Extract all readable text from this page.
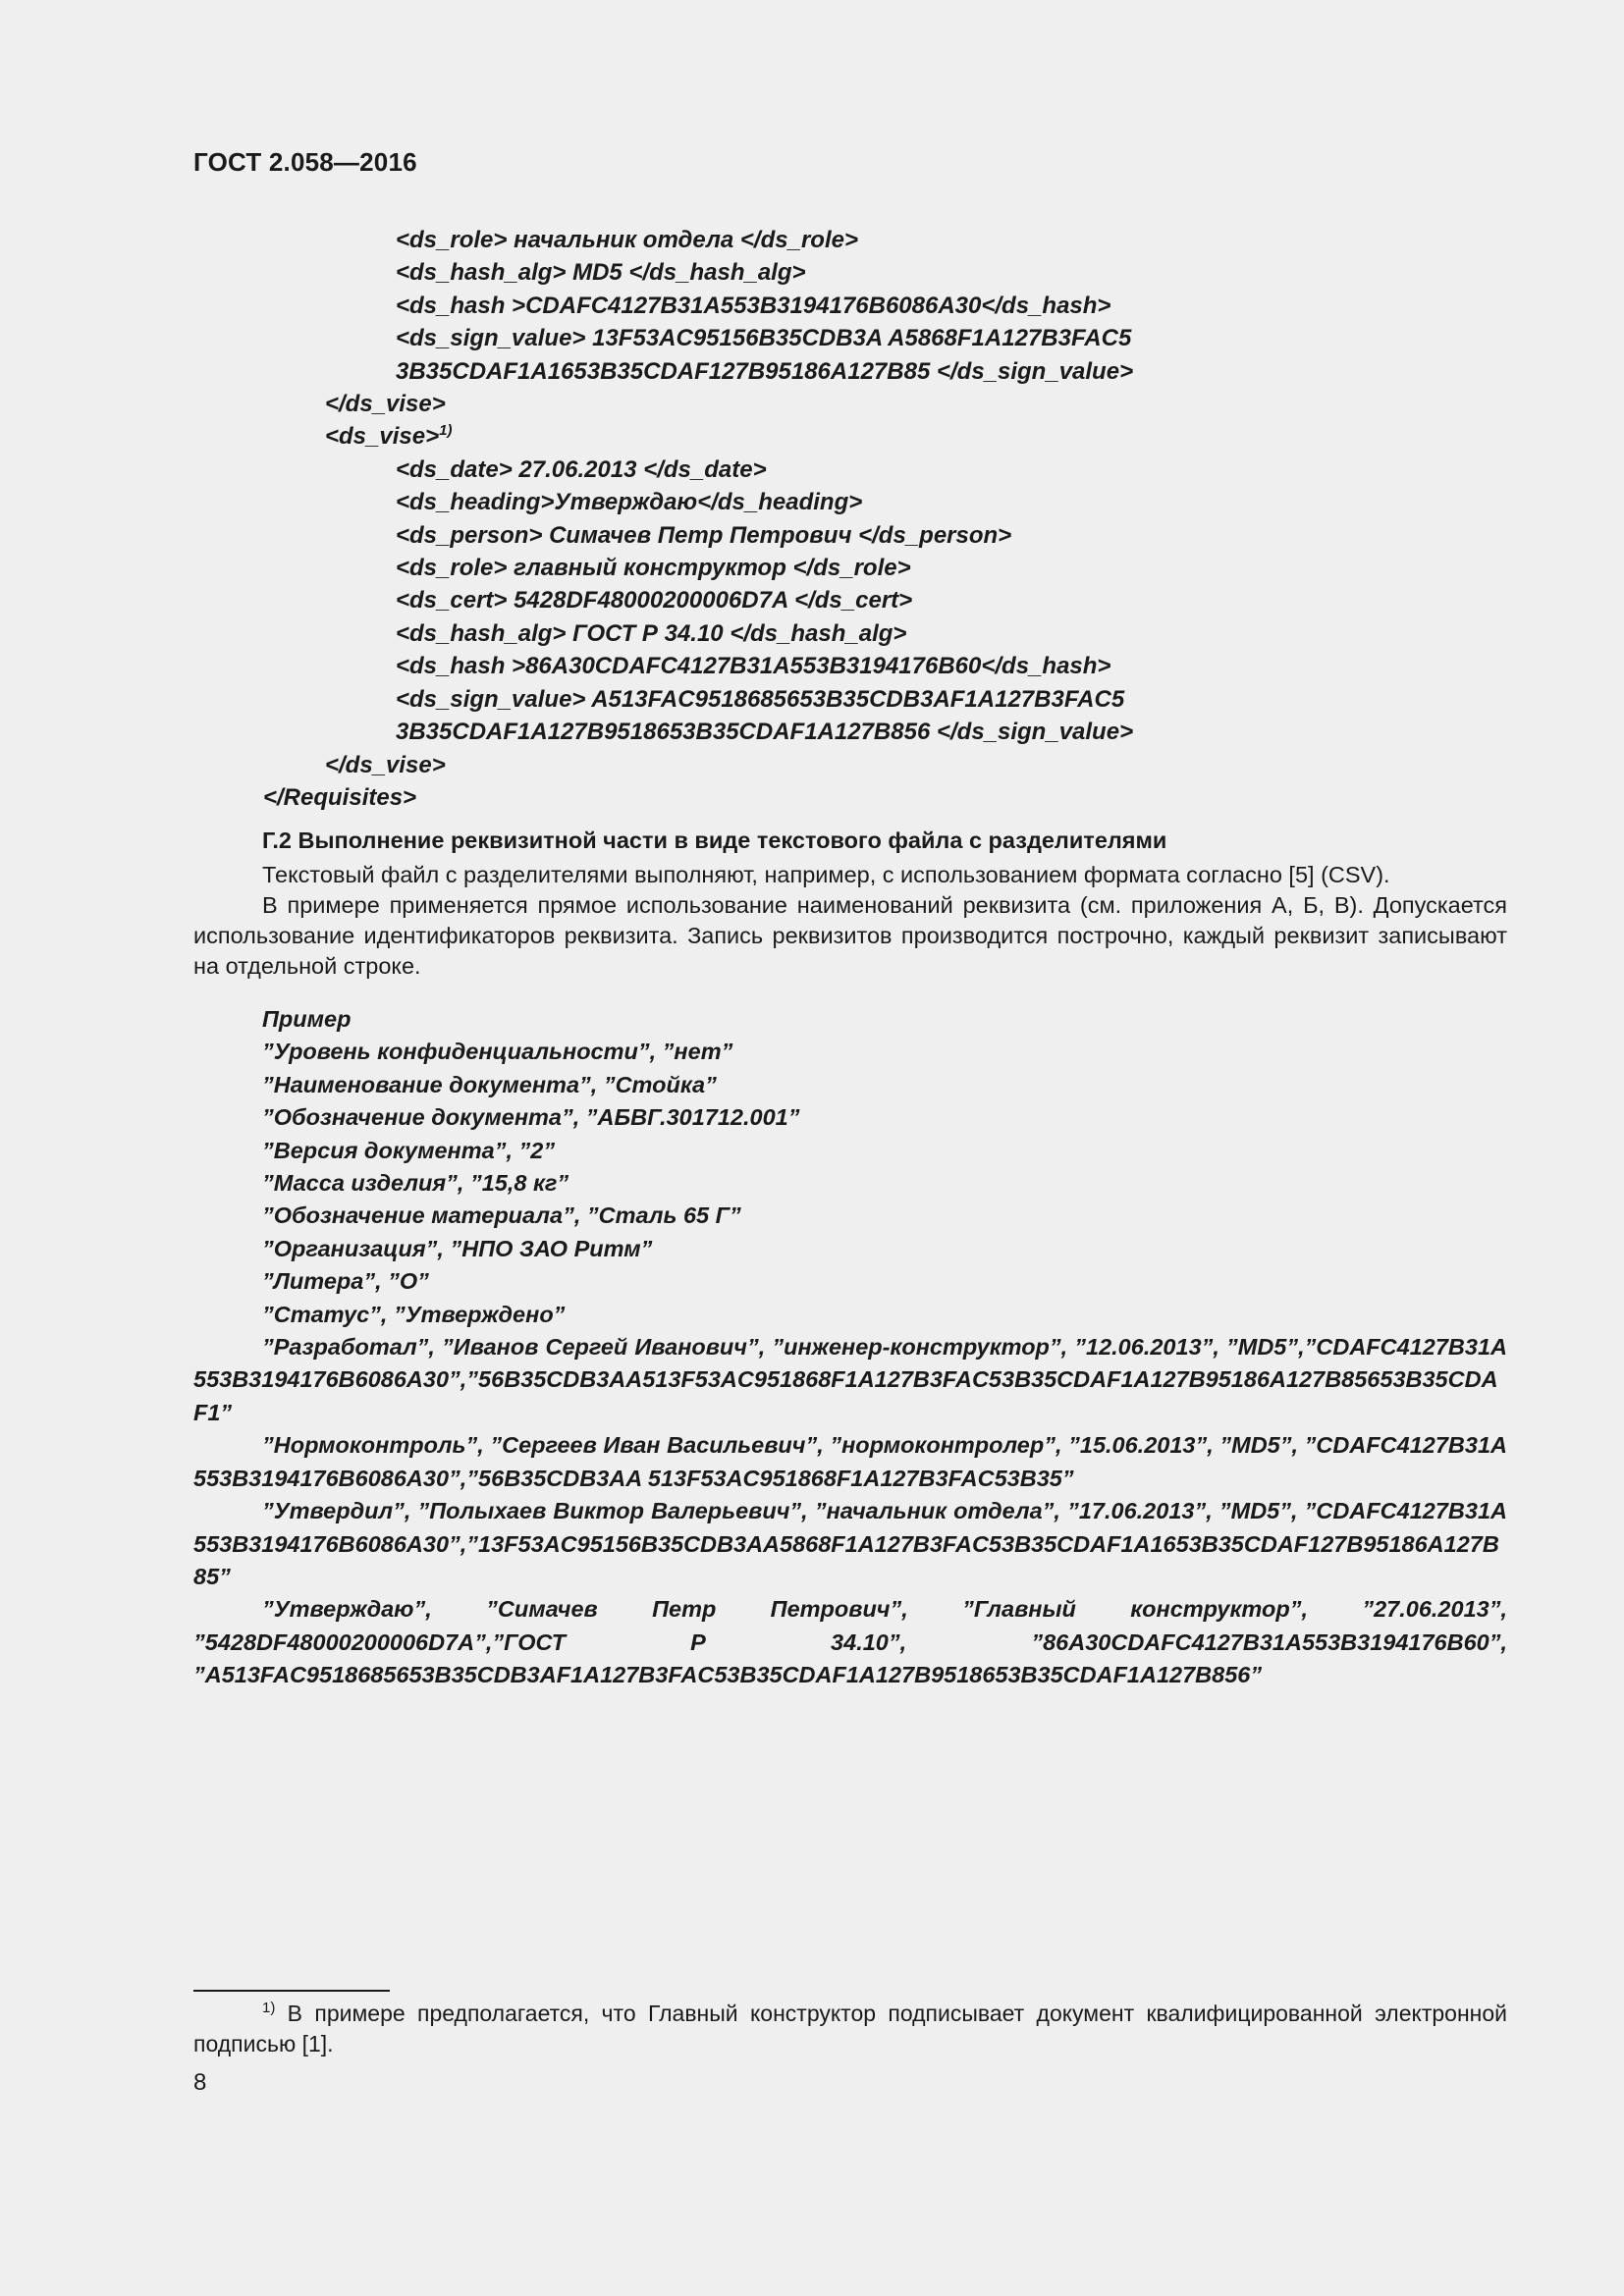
ГОСТ 2.058—2016
<ds_role> начальник отдела </ds_role>
<ds_hash_alg> MD5 </ds_hash_alg>
<ds_hash >CDAFC4127B31A553B3194176B6086A30</ds_hash>
<ds_sign_value> 13F53AC95156B35CDB3A A5868F1A127B3FAC5
3B35CDAF1A1653B35CDAF127B95186A127B85 </ds_sign_value>
</ds_vise>
<ds_vise>$^{1)}$
<ds_date> 27.06.2013 </ds_date>
<ds_heading>Утверждаю</ds_heading>
<ds_person> Симачев Петр Петрович </ds_person>
<ds_role> главный конструктор </ds_role>
<ds_cert> 5428DF48000200006D7A </ds_cert>
<ds_hash_alg> ГОСТ Р 34.10 </ds_hash_alg>
<ds_hash >86A30CDAFC4127B31A553B3194176B60</ds_hash>
<ds_sign_value> A513FAC9518685653B35CDB3AF1A127B3FAC5
3B35CDAF1A127B9518653B35CDAF1A127B856 </ds_sign_value>
</ds_vise>
</Requisites>
Г.2 Выполнение реквизитной части в виде текстового файла с разделителями
Текстовый файл с разделителями выполняют, например, с использованием формата согласно [5] (CSV).
В примере применяется прямое использование наименований реквизита (см. приложения А, Б, В). Допускается использование идентификаторов реквизита. Запись реквизитов производится построчно, каждый реквизит записывают на отдельной строке.
Пример
”Уровень конфиденциальности”, ”нет”
”Наименование документа”, ”Стойка”
”Обозначение документа”, ”АБВГ.301712.001”
”Версия документа”, ”2”
”Масса изделия”, ”15,8 кг”
”Обозначение материала”, ”Сталь 65 Г”
”Организация”, ”НПО ЗАО Ритм”
”Литера”, ”О”
”Статус”, ”Утверждено”
”Разработал”, ”Иванов Сергей Иванович”, ”инженер-конструктор”, ”12.06.2013”, ”MD5”,”CDAFC4127B31A553B3194176B6086A30”,”56B35CDB3AA513F53AC951868F1A127B3FAC53B35CDAF1A127B95186A127B85653B35CDAF1”
”Нормоконтроль”, ”Сергеев Иван Васильевич”, ”нормоконтролер”, ”15.06.2013”, ”MD5”, ”CDAFC4127B31A553B3194176B6086A30”,”56B35CDB3AA 513F53AC951868F1A127B3FAC53B35”
”Утвердил”, ”Полыхаев Виктор Валерьевич”, ”начальник отдела”, ”17.06.2013”, ”MD5”, ”CDAFC4127B31A553B3194176B6086A30”,”13F53AC95156B35CDB3AA5868F1A127B3FAC53B35CDAF1A1653B35CDAF127B95186A127B85”
”Утверждаю”, ”Симачев Петр Петрович”, ”Главный конструктор”, ”27.06.2013”, ”5428DF48000200006D7A”,”ГОСТ Р 34.10”, ”86A30CDAFC4127B31A553B3194176B60”, ”A513FAC9518685653B35CDB3AF1A127B3FAC53B35CDAF1A127B9518653B35CDAF1A127B856”
$^{1)}$ В примере предполагается, что Главный конструктор подписывает документ квалифицированной электронной подписью [1].
8
